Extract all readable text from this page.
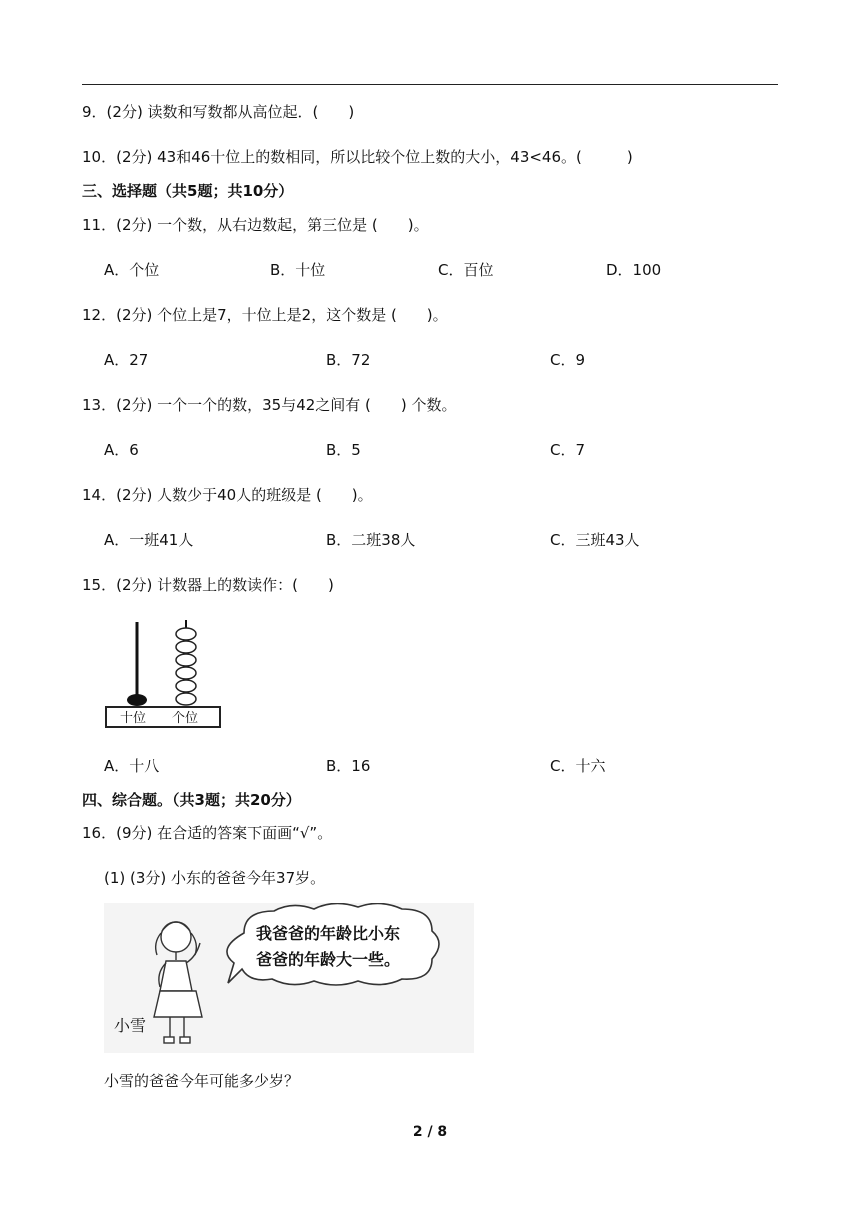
9．(2分) 读数和写数都从高位起．(　　)
10．(2分) 43和46十位上的数相同，所以比较个位上数的大小，43<46。(　　　)
三、选择题（共5题；共10分）
11．(2分) 一个数，从右边数起，第三位是 (　　)。
A．个位	B．十位	C．百位	D．100
12．(2分) 个位上是7，十位上是2，这个数是 (　　)。
A．27	B．72	C．9
13．(2分) 一个一个的数，35与42之间有 (　　) 个数。
A．6	B．5	C．7
14．(2分) 人数少于40人的班级是 (　　)。
A．一班41人	B．二班38人	C．三班43人
15．(2分) 计数器上的数读作：(　　)
十位 个位
A．十八	B．16	C．十六
四、综合题。（共3题；共20分）
16．(9分) 在合适的答案下面画“√”。
(1) (3分) 小东的爸爸今年37岁。
小雪
我爸爸的年龄比小东
爸爸的年龄大一些。
小雪的爸爸今年可能多少岁？
2 / 8
